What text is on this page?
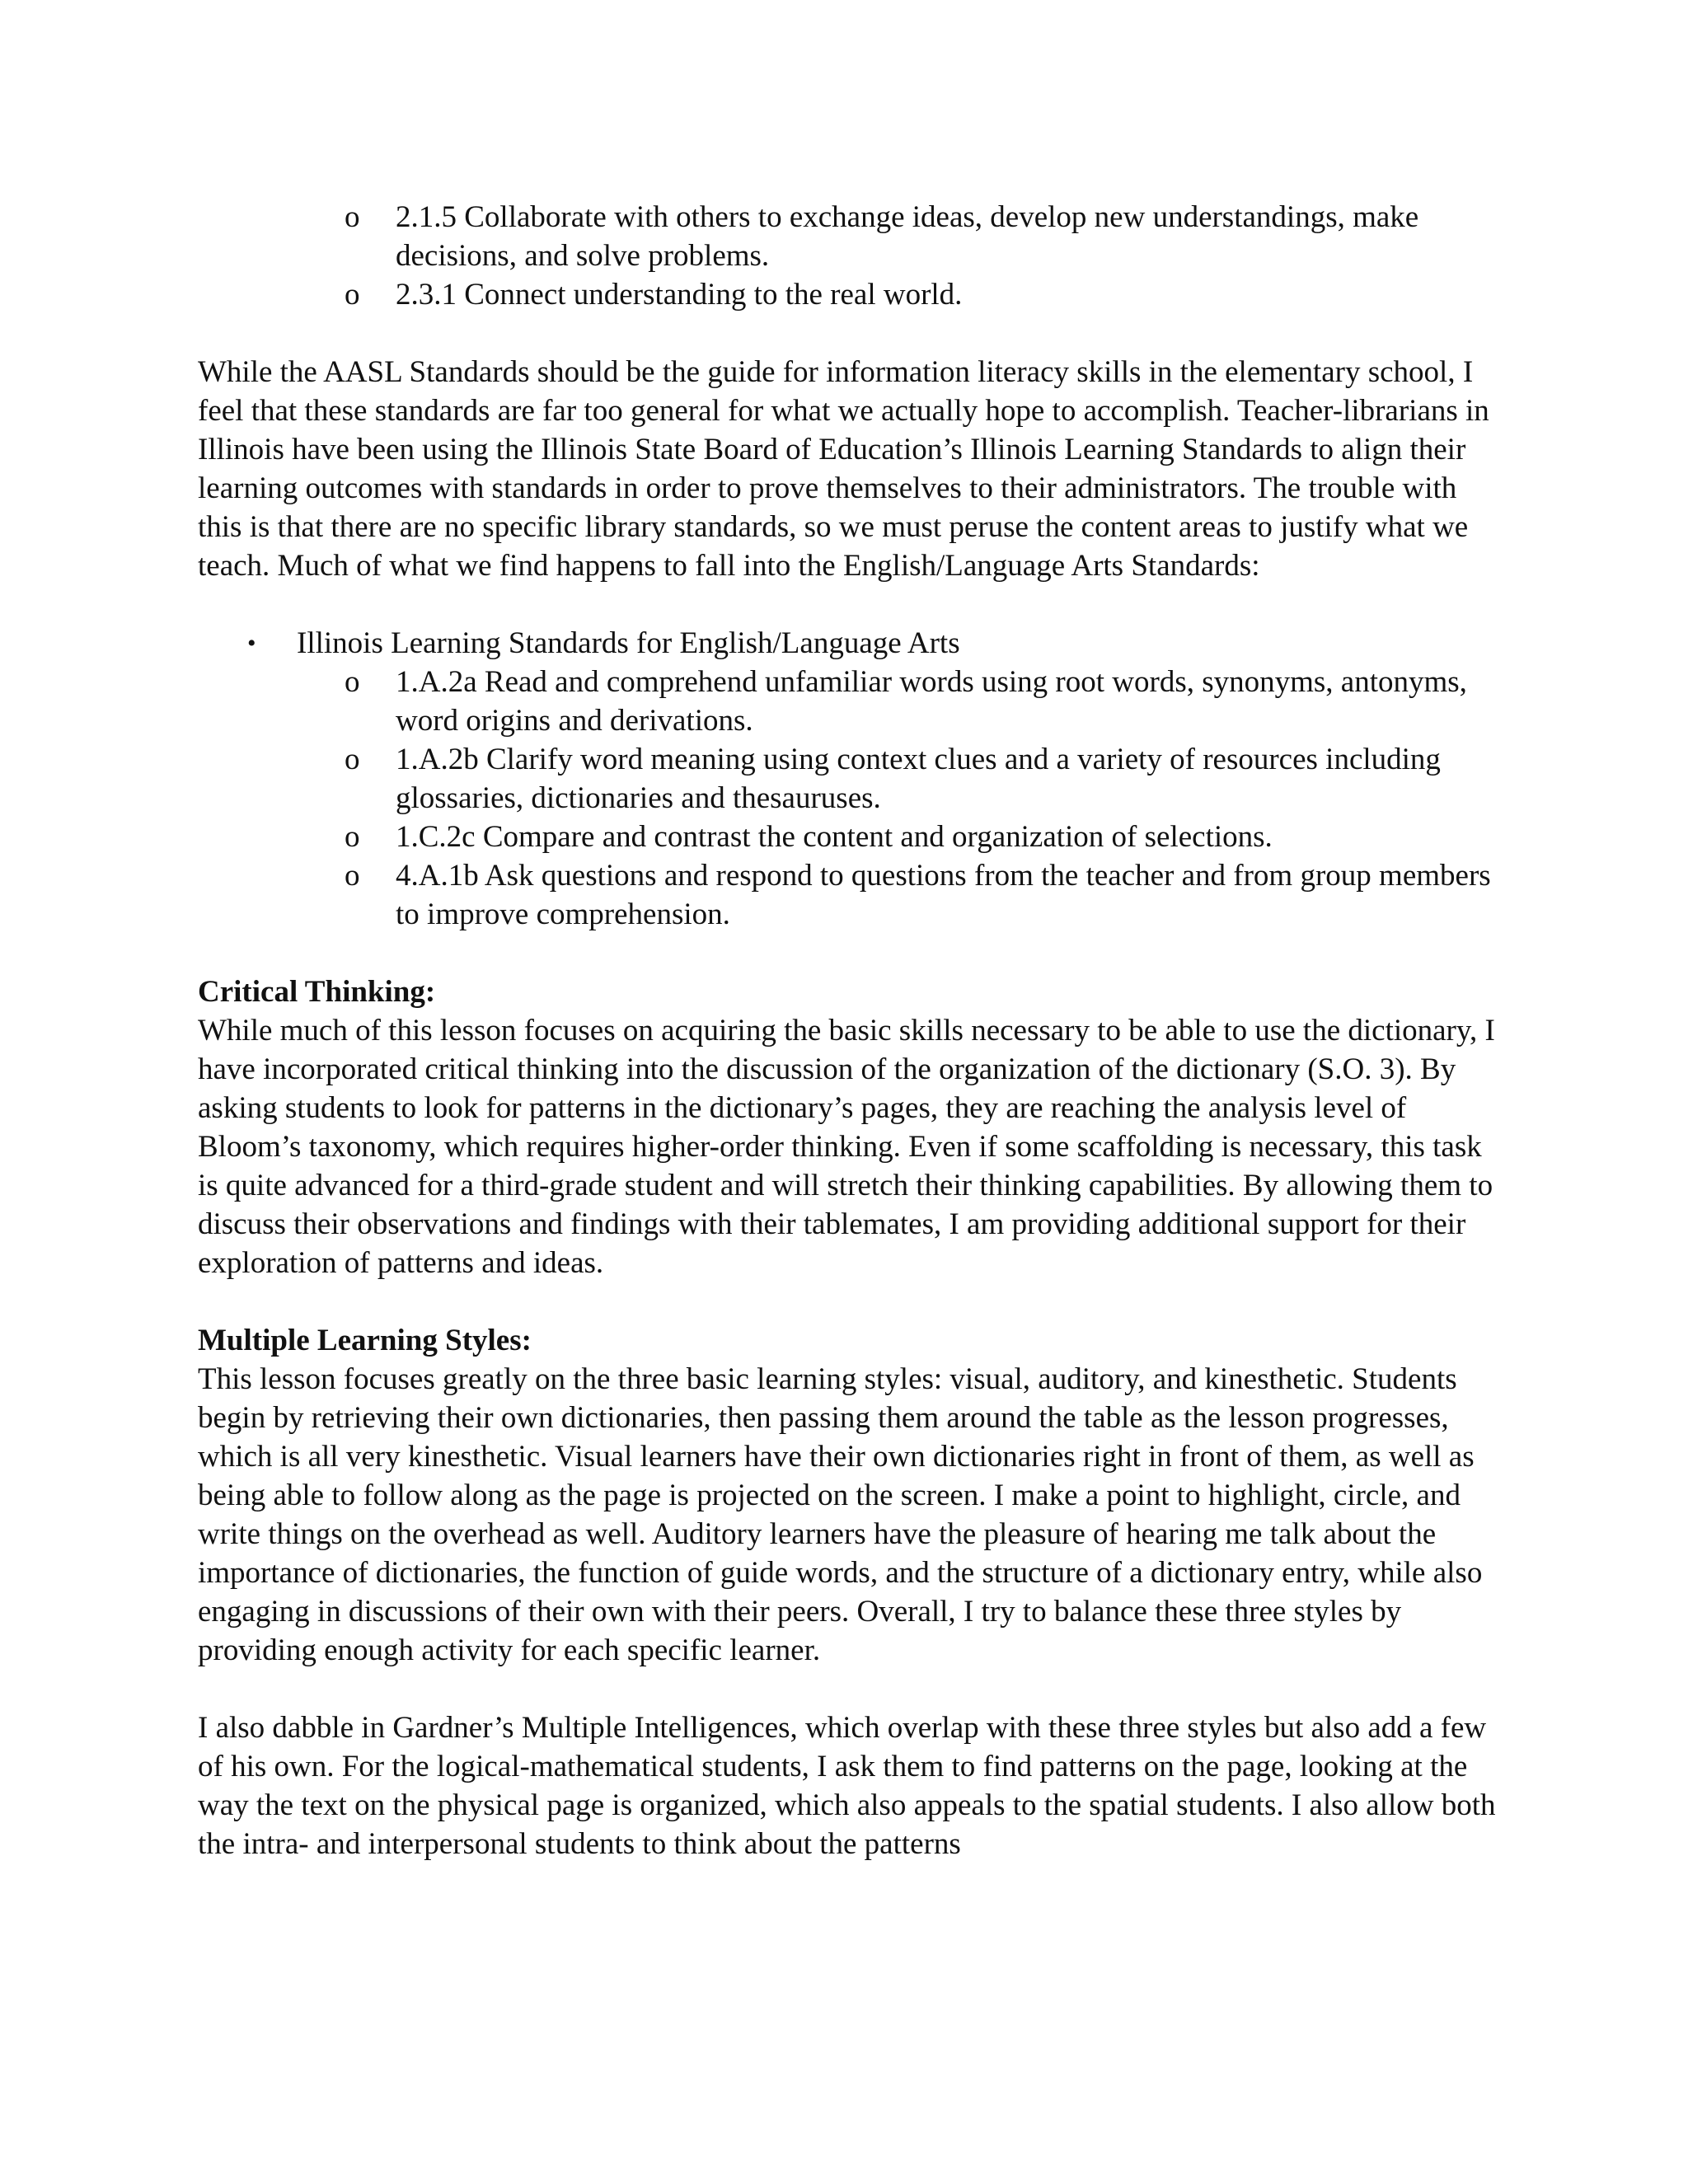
o 2.1.5 Collaborate with others to exchange ideas, develop new understandings, make decisions, and solve problems.
o 2.3.1 Connect understanding to the real world.

While the AASL Standards should be the guide for information literacy skills in the elementary school, I feel that these standards are far too general for what we actually hope to accomplish. Teacher-librarians in Illinois have been using the Illinois State Board of Education’s Illinois Learning Standards to align their learning outcomes with standards in order to prove themselves to their administrators. The trouble with this is that there are no specific library standards, so we must peruse the content areas to justify what we teach. Much of what we find happens to fall into the English/Language Arts Standards:

• Illinois Learning Standards for English/Language Arts
o 1.A.2a Read and comprehend unfamiliar words using root words, synonyms, antonyms, word origins and derivations.
o 1.A.2b Clarify word meaning using context clues and a variety of resources including glossaries, dictionaries and thesauruses.
o 1.C.2c Compare and contrast the content and organization of selections.
o 4.A.1b Ask questions and respond to questions from the teacher and from group members to improve comprehension.

Critical Thinking:

While much of this lesson focuses on acquiring the basic skills necessary to be able to use the dictionary, I have incorporated critical thinking into the discussion of the organization of the dictionary (S.O. 3). By asking students to look for patterns in the dictionary’s pages, they are reaching the analysis level of Bloom’s taxonomy, which requires higher-order thinking. Even if some scaffolding is necessary, this task is quite advanced for a third-grade student and will stretch their thinking capabilities. By allowing them to discuss their observations and findings with their tablemates, I am providing additional support for their exploration of patterns and ideas.

Multiple Learning Styles:

This lesson focuses greatly on the three basic learning styles: visual, auditory, and kinesthetic. Students begin by retrieving their own dictionaries, then passing them around the table as the lesson progresses, which is all very kinesthetic. Visual learners have their own dictionaries right in front of them, as well as being able to follow along as the page is projected on the screen. I make a point to highlight, circle, and write things on the overhead as well. Auditory learners have the pleasure of hearing me talk about the importance of dictionaries, the function of guide words, and the structure of a dictionary entry, while also engaging in discussions of their own with their peers. Overall, I try to balance these three styles by providing enough activity for each specific learner.

I also dabble in Gardner’s Multiple Intelligences, which overlap with these three styles but also add a few of his own. For the logical-mathematical students, I ask them to find patterns on the page, looking at the way the text on the physical page is organized, which also appeals to the spatial students. I also allow both the intra- and interpersonal students to think about the patterns
